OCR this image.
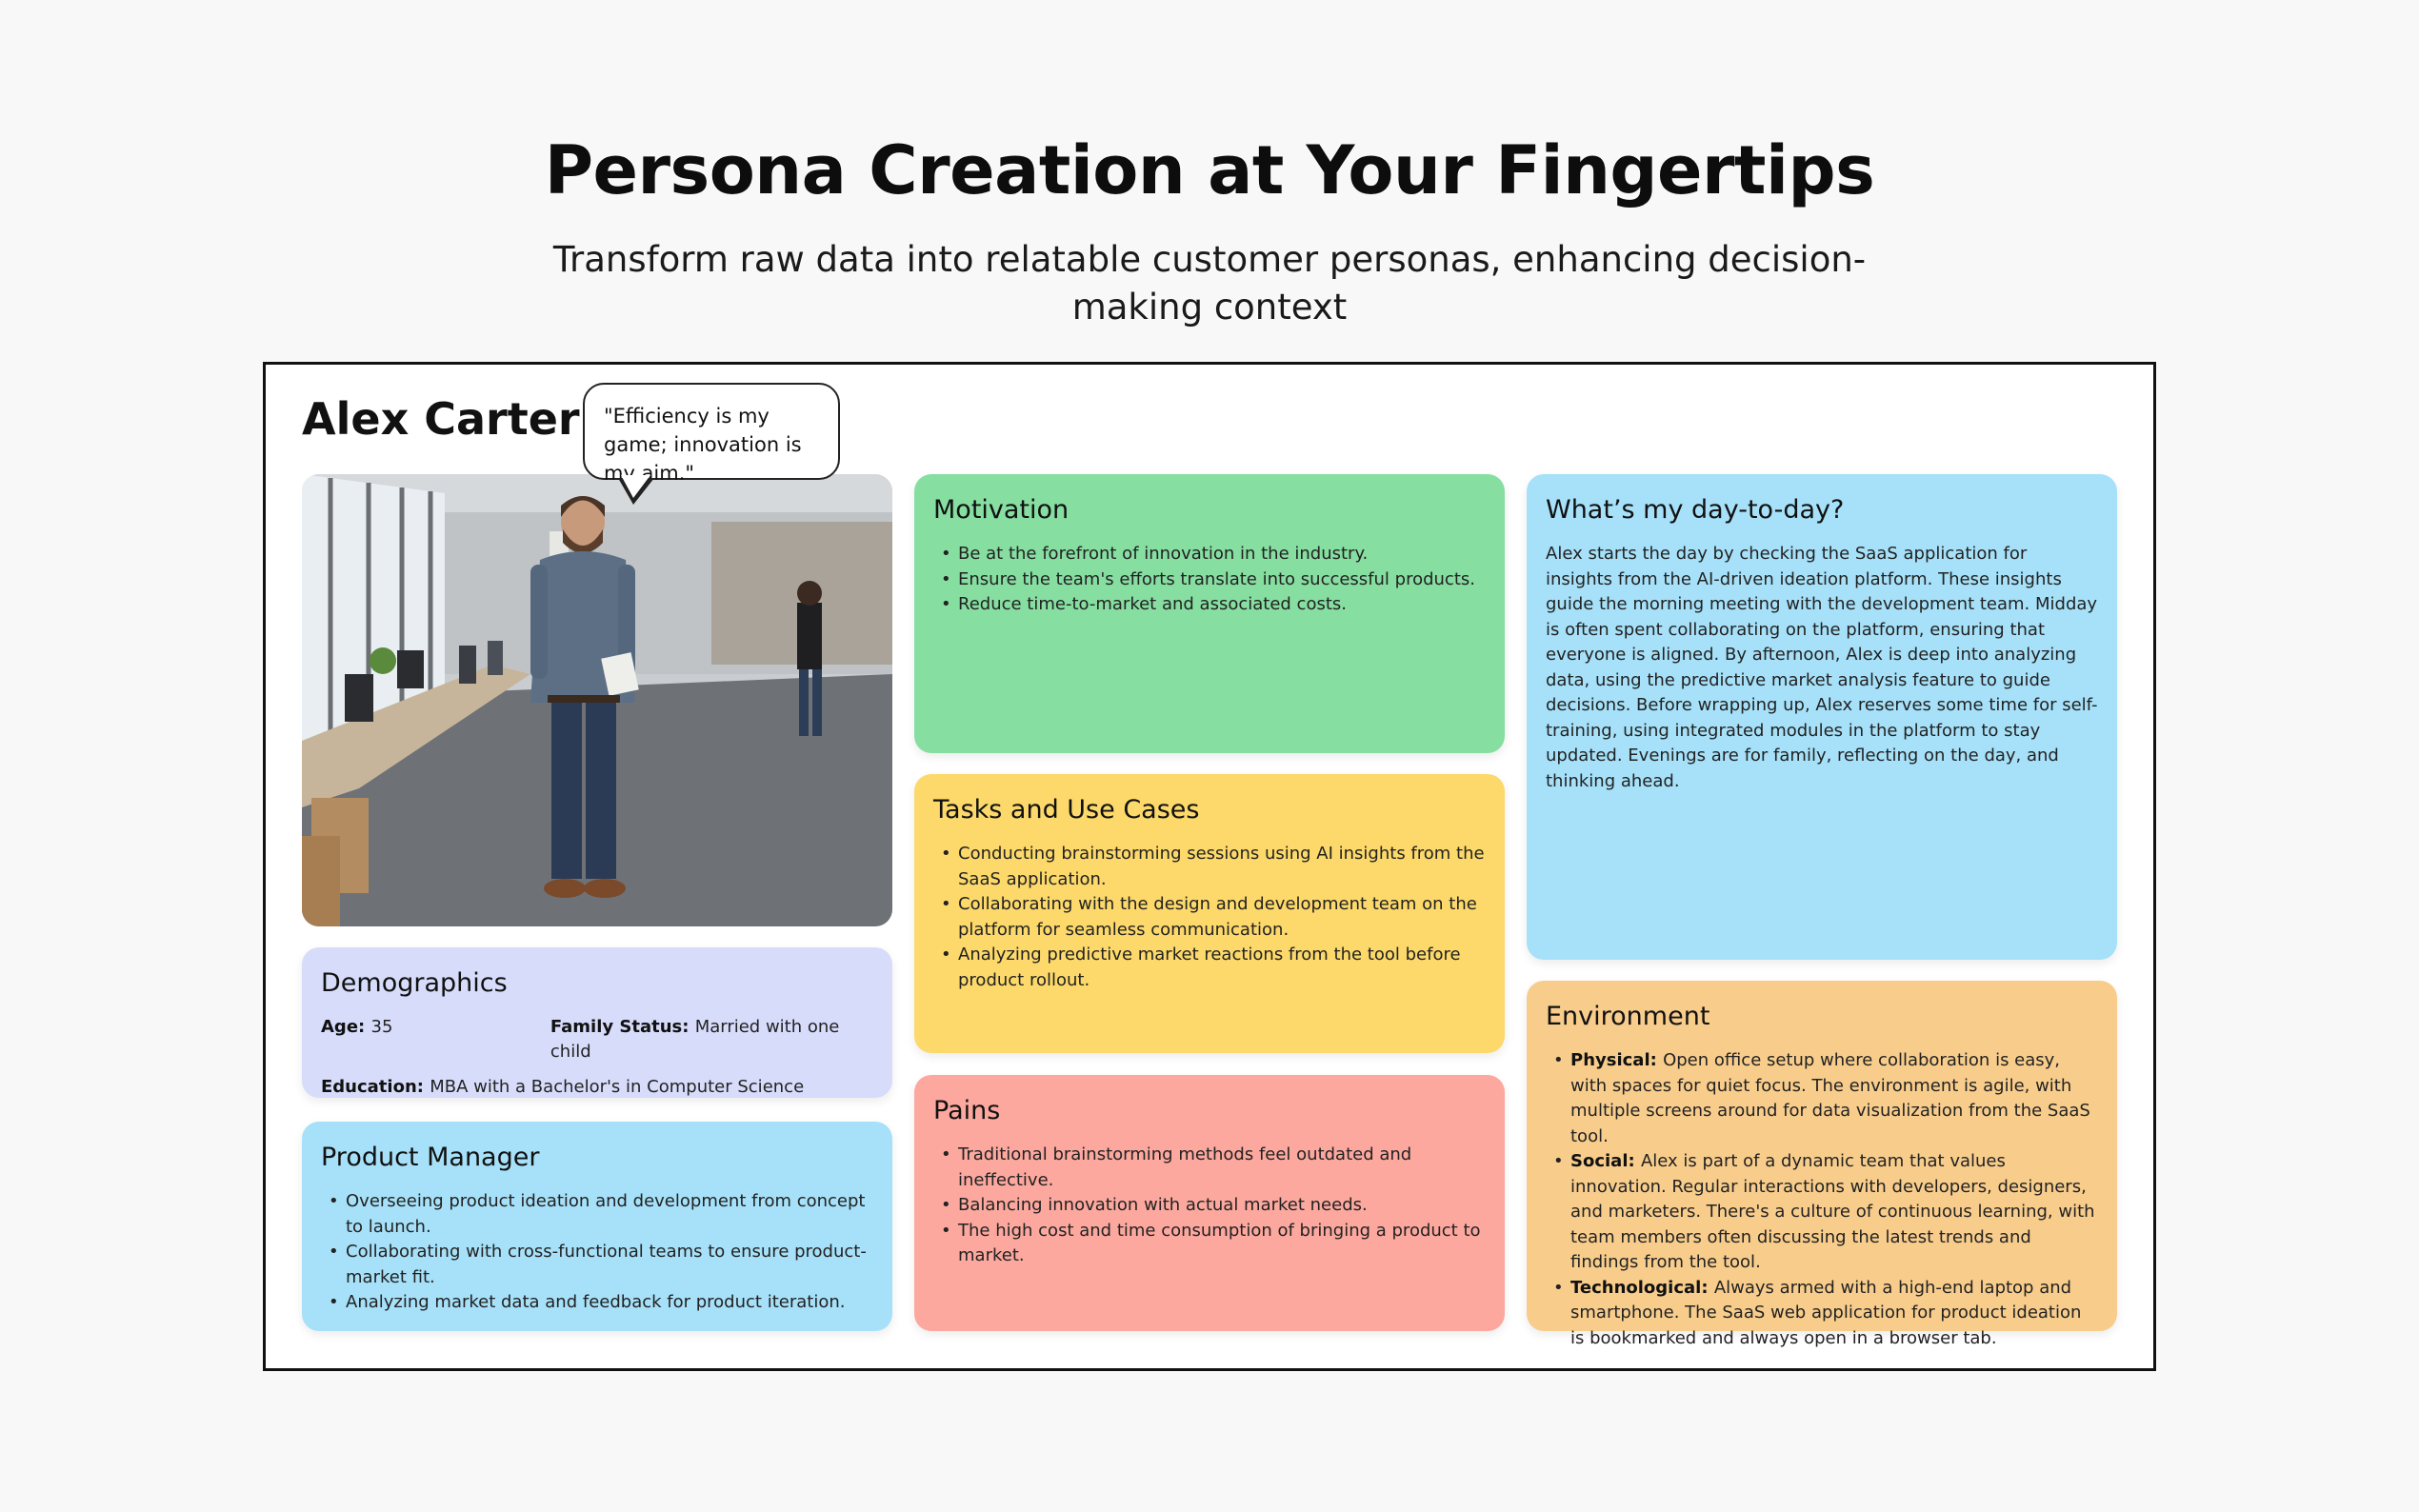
Persona Creation at Your Fingertips
Transform raw data into relatable customer personas, enhancing decision-making context
Alex Carter	"Efficiency is my game; innovation is my aim."
Demographics
Age: 35	Family Status: Married with one child
Education: MBA with a Bachelor's in Computer Science
Product Manager
• Overseeing product ideation and development from concept to launch.
• Collaborating with cross-functional teams to ensure product-market fit.
• Analyzing market data and feedback for product iteration.
Motivation
• Be at the forefront of innovation in the industry.
• Ensure the team's efforts translate into successful products.
• Reduce time-to-market and associated costs.
Tasks and Use Cases
• Conducting brainstorming sessions using AI insights from the SaaS application.
• Collaborating with the design and development team on the platform for seamless communication.
• Analyzing predictive market reactions from the tool before product rollout.
Pains
• Traditional brainstorming methods feel outdated and ineffective.
• Balancing innovation with actual market needs.
• The high cost and time consumption of bringing a product to market.
What’s my day-to-day?

Alex starts the day by checking the SaaS application for insights from the AI-driven ideation platform. These insights guide the morning meeting with the development team. Midday is often spent collaborating on the platform, ensuring that everyone is aligned. By afternoon, Alex is deep into analyzing data, using the predictive market analysis feature to guide decisions. Before wrapping up, Alex reserves some time for self-training, using integrated modules in the platform to stay updated. Evenings are for family, reflecting on the day, and thinking ahead.

Environment
• Physical: Open office setup where collaboration is easy, with spaces for quiet focus. The environment is agile, with multiple screens around for data visualization from the SaaS tool.
• Social: Alex is part of a dynamic team that values innovation. Regular interactions with developers, designers, and marketers. There's a culture of continuous learning, with team members often discussing the latest trends and findings from the tool.
• Technological: Always armed with a high-end laptop and smartphone. The SaaS web application for product ideation is bookmarked and always open in a browser tab.
